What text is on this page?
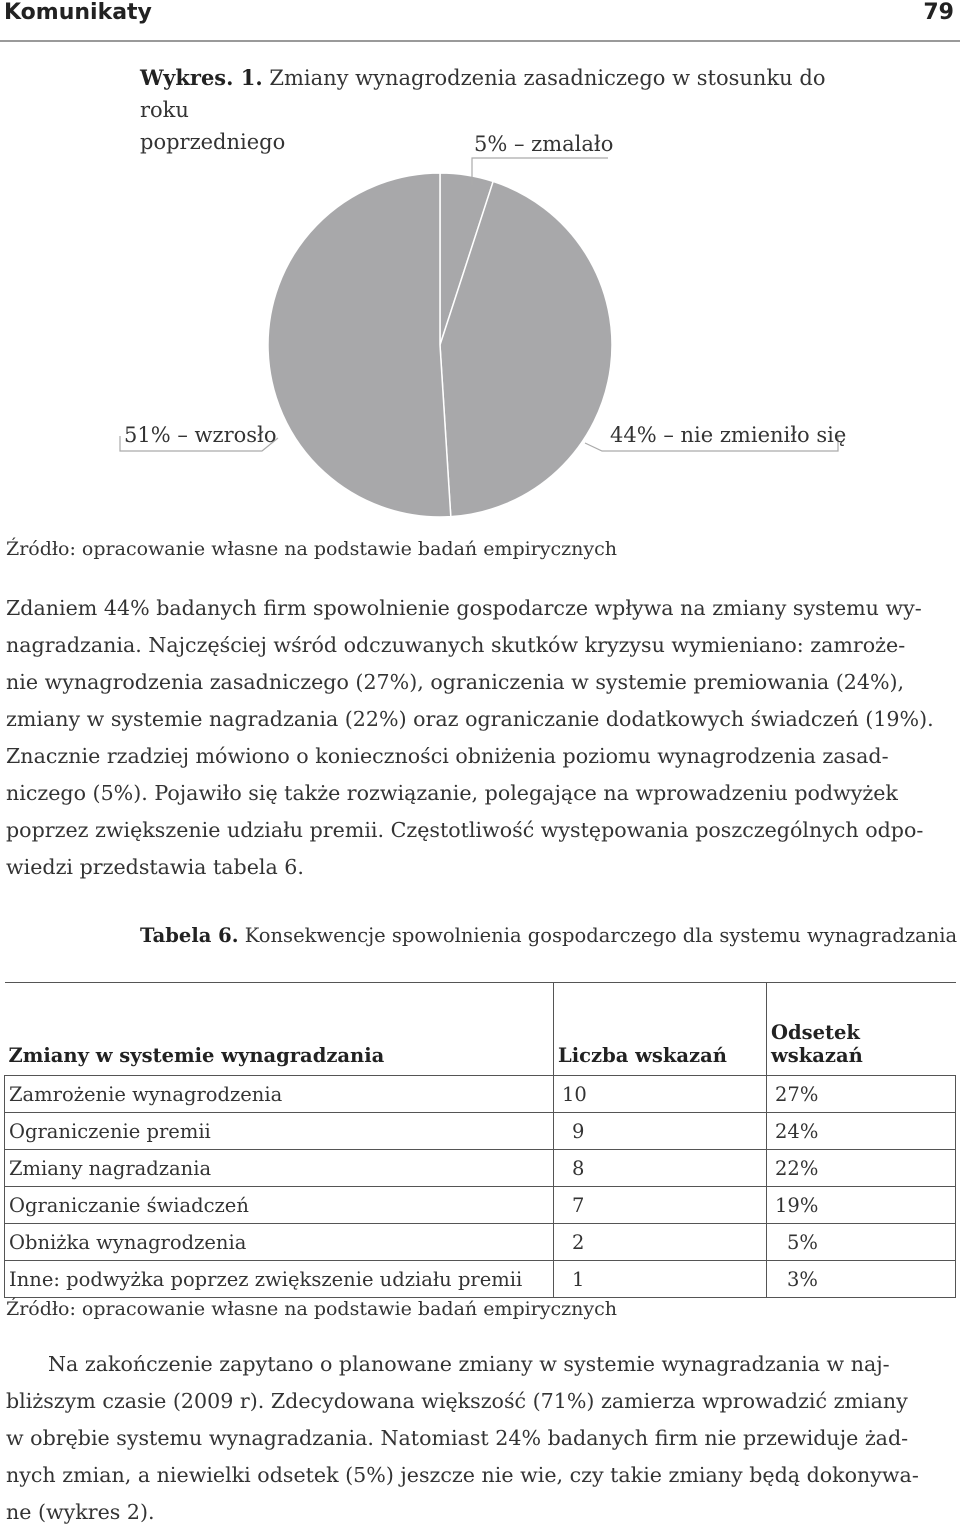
Komunikaty	79
Wykres. 1. Zmiany wynagrodzenia zasadniczego w stosunku do roku
poprzedniego	5% – zmalało
44% – nie zmieniło się
51% – wzrosło
Źródło: opracowanie własne na podstawie badań empirycznych
Zdaniem 44% badanych firm spowolnienie gospodarcze wpływa na zmiany systemu wy-
nagradzania. Najczęściej wśród odczuwanych skutków kryzysu wymieniano: zamroże-
nie wynagrodzenia zasadniczego (27%), ograniczenia w systemie premiowania (24%),
zmiany w systemie nagradzania (22%) oraz ograniczanie dodatkowych świadczeń (19%).
Znacznie rzadziej mówiono o konieczności obniżenia poziomu wynagrodzenia zasad-
niczego (5%). Pojawiło się także rozwiązanie, polegające na wprowadzeniu podwyżek
poprzez zwiększenie udziału premii. Częstotliwość występowania poszczególnych odpo-
wiedzi przedstawia tabela 6.
Tabela 6. Konsekwencje spowolnienia gospodarczego dla systemu wynagradzania
Zmiany w systemie wynagradzania	Liczba wskazań	Odsetek wskazań
Zamrożenie wynagrodzenia	10	27%
Ograniczenie premii	9	24%
Zmiany nagradzania	8	22%
Ograniczanie świadczeń	7	19%
Obniżka wynagrodzenia	2	5%
Inne: podwyżka poprzez zwiększenie udziału premii	1	3%
Źródło: opracowanie własne na podstawie badań empirycznych
Na zakończenie zapytano o planowane zmiany w systemie wynagradzania w naj-
bliższym czasie (2009 r). Zdecydowana większość (71%) zamierza wprowadzić zmiany
w obrębie systemu wynagradzania. Natomiast 24% badanych firm nie przewiduje żad-
nych zmian, a niewielki odsetek (5%) jeszcze nie wie, czy takie zmiany będą dokonywa-
ne (wykres 2).
